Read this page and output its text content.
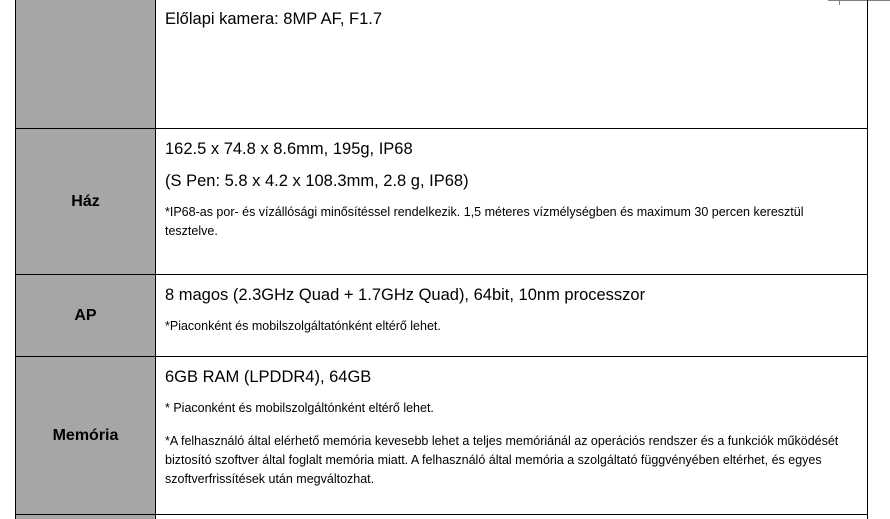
	Előlapi kamera: 8MP AF, F1.7

Ház	162.5 x 74.8 x 8.6mm, 195g, IP68

(S Pen: 5.8 x 4.2 x 108.3mm, 2.8 g, IP68)

*IP68-as por- és vízállósági minősítéssel rendelkezik. 1,5 méteres vízmélységben és maximum 30 percen keresztül tesztelve.

AP	8 magos (2.3GHz Quad + 1.7GHz Quad), 64bit, 10nm processzor

*Piaconként és mobilszolgáltatónként eltérő lehet.

Memória	6GB RAM (LPDDR4), 64GB

* Piaconként és mobilszolgáltónként eltérő lehet.

*A felhasználó által elérhető memória kevesebb lehet a teljes memóriánál az operációs rendszer és a funkciók működését biztosító szoftver által foglalt memória miatt. A felhasználó által memória a szolgáltató függvényében eltérhet, és egyes szoftverfrissítések után megváltozhat.
